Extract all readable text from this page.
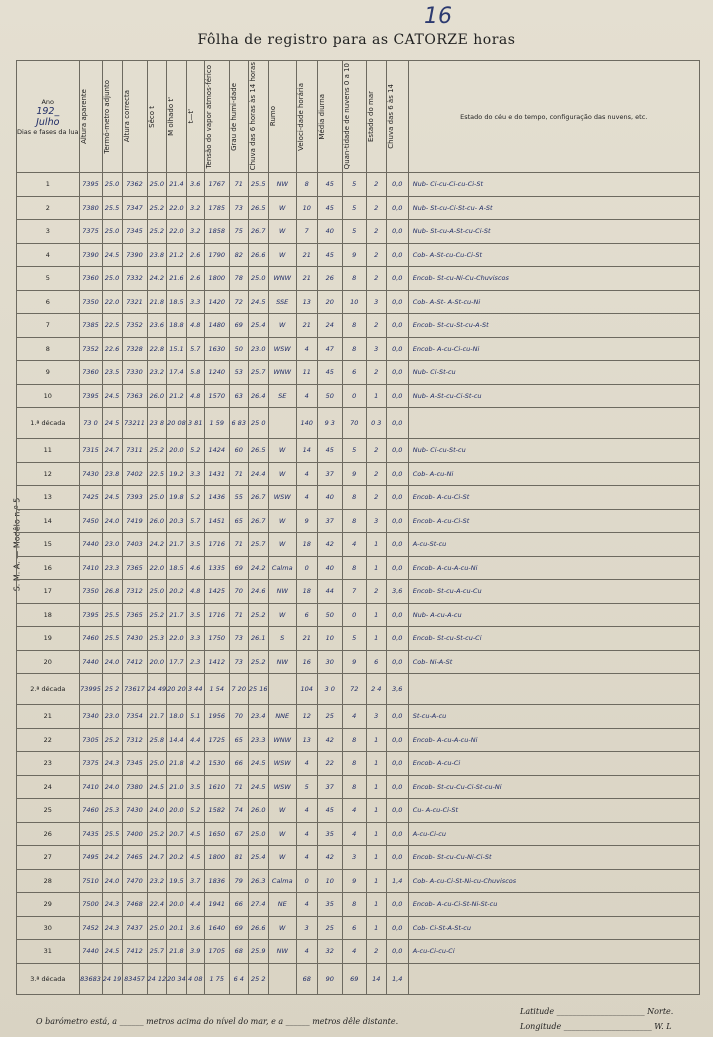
Fôlha de registro para as CATORZE horas
16
S. M. A. — Modêlo n.º 5
Ano
192_
Julho
Dias e fases da lua	Altura aparente	Termó-metro adjunto	Altura correcta	Sêco t	M olhado t'	t—t'	Tensão do vapor atmos-férico	Grau de humi-dade	Chuva das 6 horas às 14 horas	Rumo	Veloci-dade horária	Média diurna	Quan-tidade de nuvens 0 a 10	Estado do mar	Chuva das 6 às 14	Estado do céu e do tempo, configuração das nuvens, etc.
1	7395	25.0	7362	25.0	21.4	3.6	1767	71	25.5	NW	8	45	5	2	0,0	Nub- Ci-cu-Ci-cu-Ci-St
2	7380	25.5	7347	25.2	22.0	3.2	1785	73	26.5	W	10	45	5	2	0,0	Nub- St-cu-Ci-St-cu- A-St
3	7375	25.0	7345	25.2	22.0	3.2	1858	75	26.7	W	7	40	5	2	0,0	Nub- St-cu-A-St-cu-Ci-St
4	7390	24.5	7390	23.8	21.2	2.6	1790	82	26.6	W	21	45	9	2	0,0	Cob- A-St-cu-Cu-Ci-St
5	7360	25.0	7332	24.2	21.6	2.6	1800	78	25.0	WNW	21	26	8	2	0,0	Encob- St-cu-Ni-Cu-Chuviscos
6	7350	22.0	7321	21.8	18.5	3.3	1420	72	24.5	SSE	13	20	10	3	0,0	Cob- A-St- A-St-cu-Ni
7	7385	22.5	7352	23.6	18.8	4.8	1480	69	25.4	W	21	24	8	2	0,0	Encob- St-cu-St-cu-A-St
8	7352	22.6	7328	22.8	15.1	5.7	1630	50	23.0	WSW	4	47	8	3	0,0	Encob- A-cu-Ci-cu-Ni
9	7360	23.5	7330	23.2	17.4	5.8	1240	53	25.7	WNW	11	45	6	2	0,0	Nub- Ci-St-cu
10	7395	24.5	7363	26.0	21.2	4.8	1570	63	26.4	SE	4	50	0	1	0,0	Nub- A-St-cu-Ci-St-cu
1.ª década	73 0	24 5	73211	23 8	20 08	3 81	1 59	6 83	25 0		140	9 3	70	0 3	0,0	
11	7315	24.7	7311	25.2	20.0	5.2	1424	60	26.5	W	14	45	5	2	0,0	Nub- Ci-cu-St-cu
12	7430	23.8	7402	22.5	19.2	3.3	1431	71	24.4	W	4	37	9	2	0,0	Cob- A-cu-Ni
13	7425	24.5	7393	25.0	19.8	5.2	1436	55	26.7	WSW	4	40	8	2	0,0	Encob- A-cu-Ci-St
14	7450	24.0	7419	26.0	20.3	5.7	1451	65	26.7	W	9	37	8	3	0,0	Encob- A-cu-Ci-St
15	7440	23.0	7403	24.2	21.7	3.5	1716	71	25.7	W	18	42	4	1	0,0	A-cu-St-cu
16	7410	23.3	7365	22.0	18.5	4.6	1335	69	24.2	Calma	0	40	8	1	0,0	Encob- A-cu-A-cu-Ni
17	7350	26.8	7312	25.0	20.2	4.8	1425	70	24.6	NW	18	44	7	2	3,6	Encob- St-cu-A-cu-Cu
18	7395	25.5	7365	25.2	21.7	3.5	1716	71	25.2	W	6	50	0	1	0,0	Nub- A-cu-A-cu
19	7460	25.5	7430	25.3	22.0	3.3	1750	73	26.1	S	21	10	5	1	0,0	Encob- St-cu-St-cu-Ci
20	7440	24.0	7412	20.0	17.7	2.3	1412	73	25.2	NW	16	30	9	6	0,0	Cob- Ni-A-St
2.ª década	73995	25 2	73617	24 49	20 20	3 44	1 54	7 20	25 16		104	3 0	72	2 4	3,6	
21	7340	23.0	7354	21.7	18.0	5.1	1956	70	23.4	NNE	12	25	4	3	0,0	St-cu-A-cu
22	7305	25.2	7312	25.8	14.4	4.4	1725	65	23.3	WNW	13	42	8	1	0,0	Encob- A-cu-A-cu-Ni
23	7375	24.3	7345	25.0	21.8	4.2	1530	66	24.5	WSW	4	22	8	1	0,0	Encob- A-cu-Ci
24	7410	24.0	7380	24.5	21.0	3.5	1610	71	24.5	WSW	5	37	8	1	0,0	Encob- St-cu-Cu-Ci-St-cu-Ni
25	7460	25.3	7430	24.0	20.0	5.2	1582	74	26.0	W	4	45	4	1	0,0	Cu- A-cu-Ci-St
26	7435	25.5	7400	25.2	20.7	4.5	1650	67	25.0	W	4	35	4	1	0,0	A-cu-Ci-cu
27	7495	24.2	7465	24.7	20.2	4.5	1800	81	25.4	W	4	42	3	1	0,0	Encob- St-cu-Cu-Ni-Ci-St
28	7510	24.0	7470	23.2	19.5	3.7	1836	79	26.3	Calma	0	10	9	1	1,4	Cob- A-cu-Ci-St-Ni-cu-Chuviscos
29	7500	24.3	7468	22.4	20.0	4.4	1941	66	27.4	NE	4	35	8	1	0,0	Encob- A-cu-Ci-St-Ni-St-cu
30	7452	24.3	7437	25.0	20.1	3.6	1640	69	26.6	W	3	25	6	1	0,0	Cob- Ci-St-A-St-cu
31	7440	24.5	7412	25.7	21.8	3.9	1705	68	25.9	NW	4	32	4	2	0,0	A-cu-Ci-cu-Ci
3.ª década	83683	24 19	83457	24 12	20 34	4 08	1 75	6 4	25 2		68	90	69	14	1,4	
O barómetro está, a ______ metros acima do nível do mar, e a ______ metros dêle distante.
Latitude ______________________ Norte.
Longitude ______________________ W. L
